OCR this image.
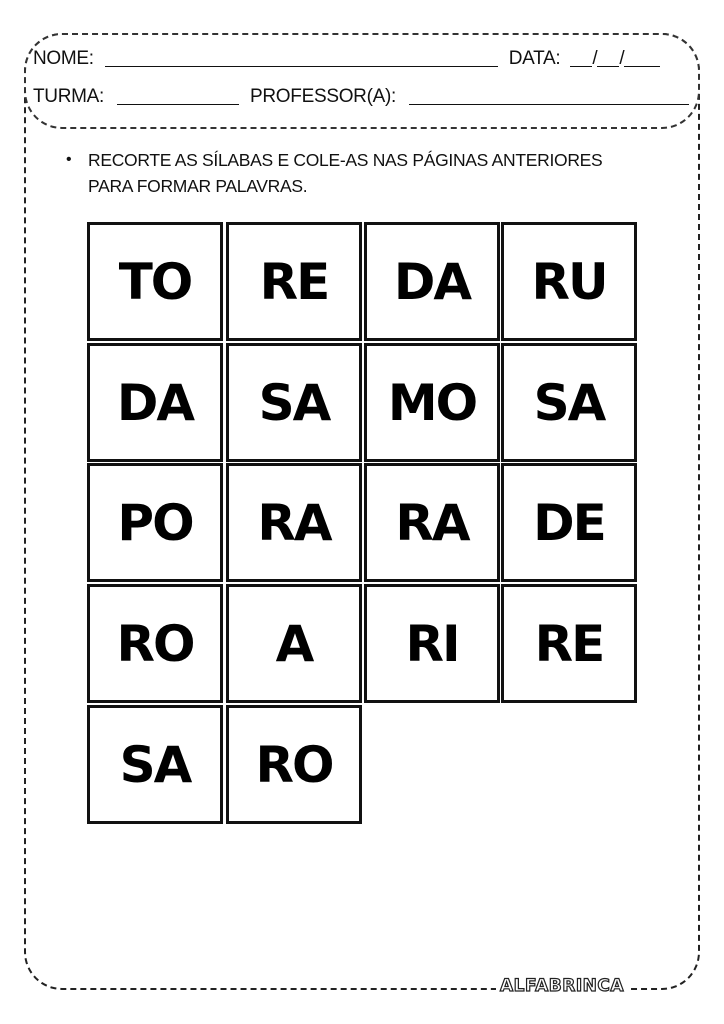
NOME:	DATA: / /
TURMA:	PROFESSOR(A):
• RECORTE AS SÍLABAS E COLE-AS NAS PÁGINAS ANTERIORES
PARA FORMAR PALAVRAS.
TO RE DA RU
DA SA MO SA
PO RA RA DE
RO A RI RE
SA RO
ALFABRINCA
